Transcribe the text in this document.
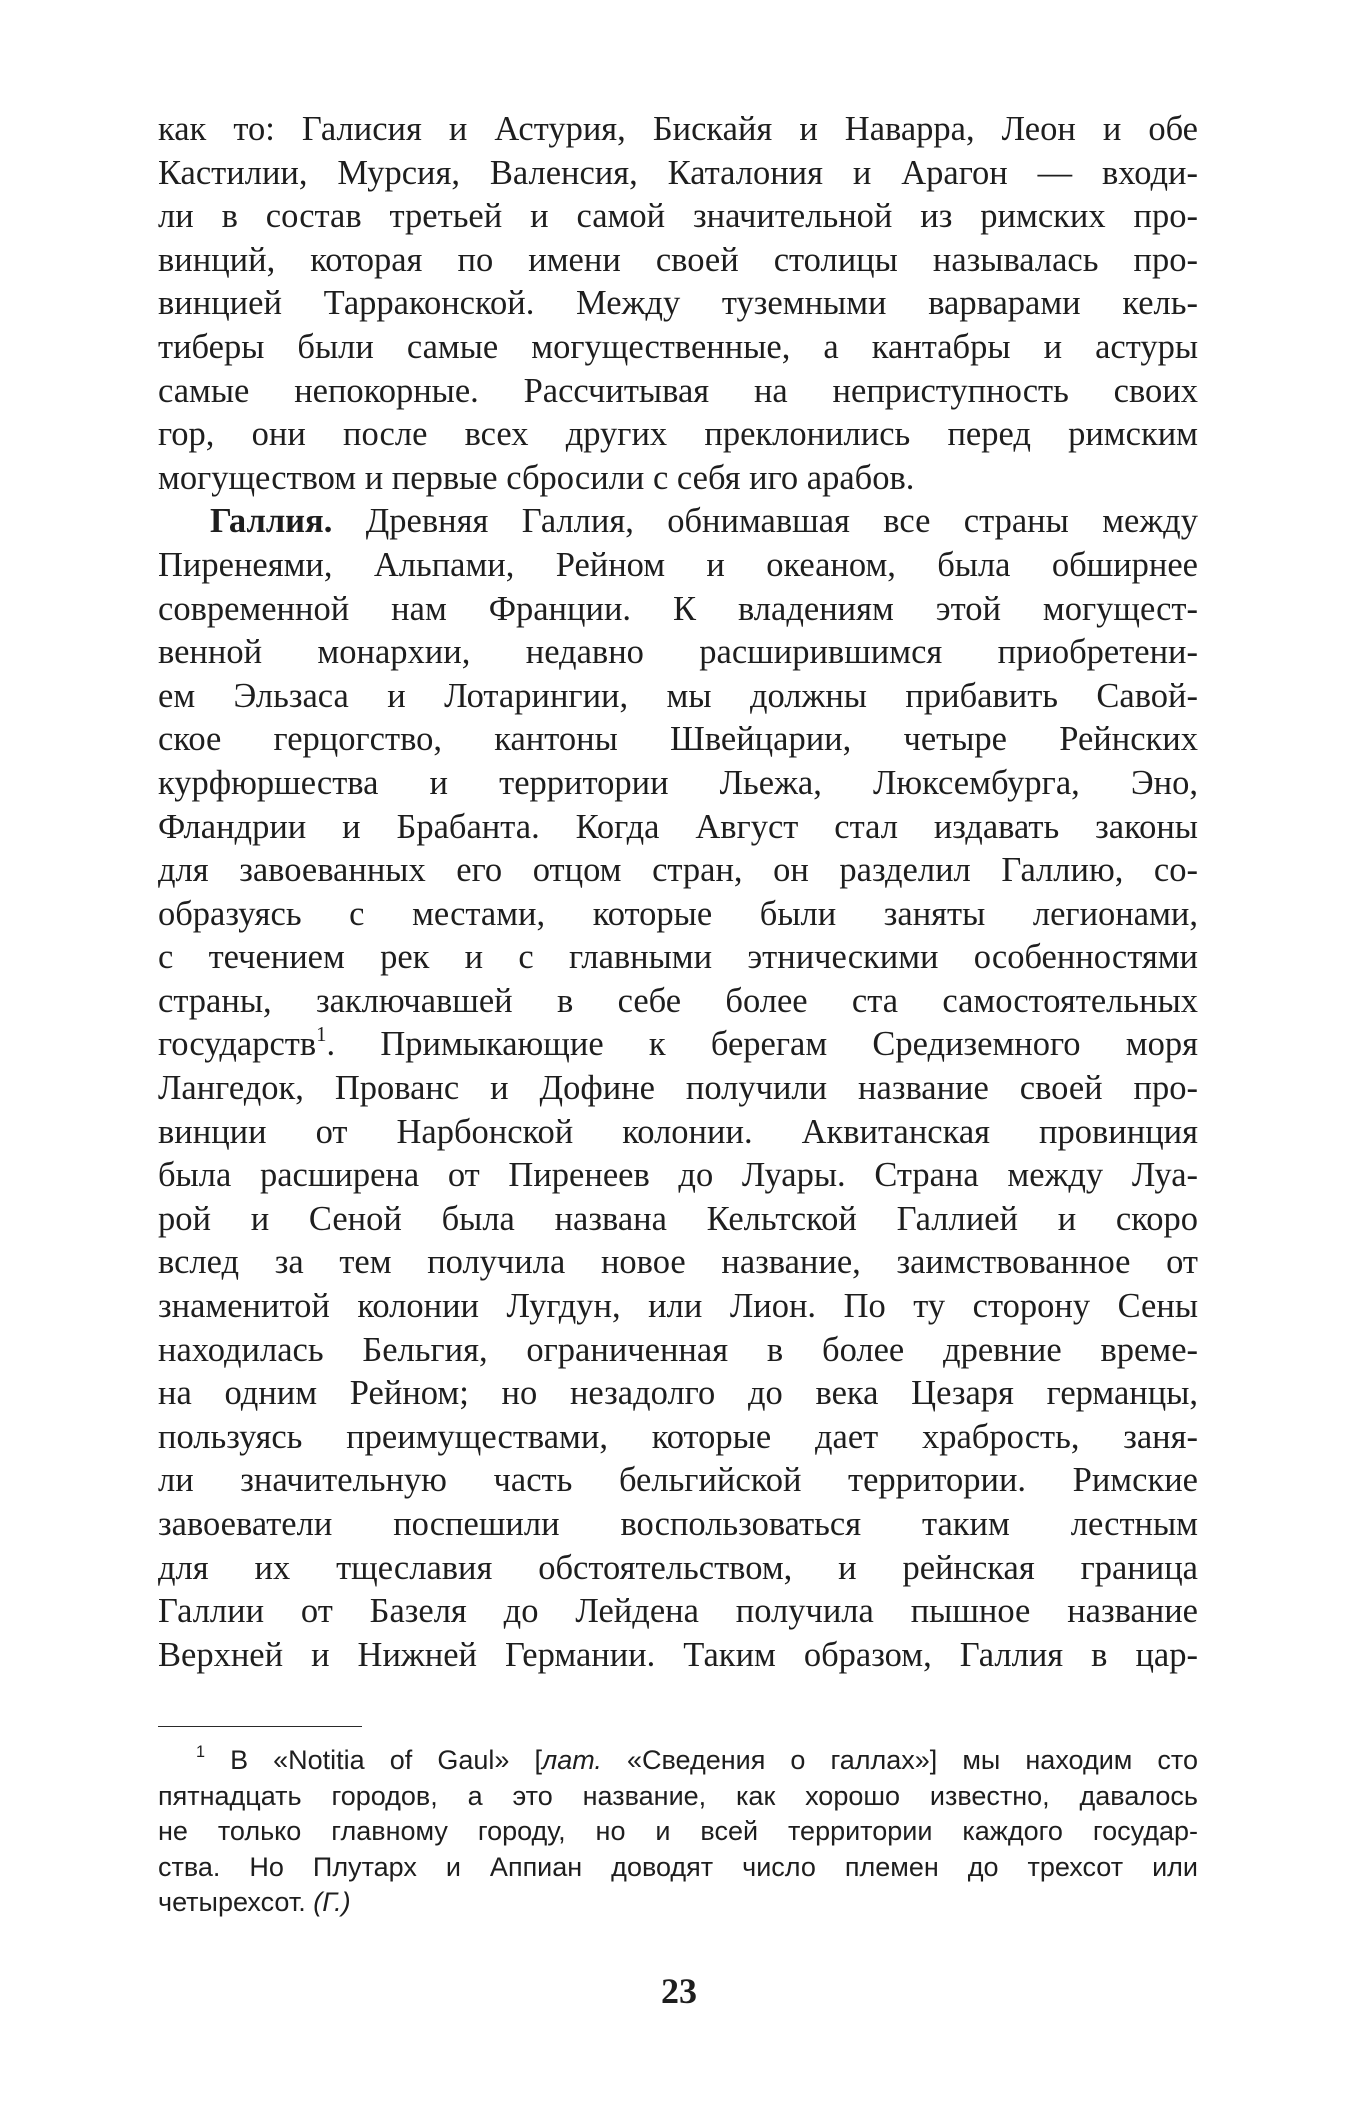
как то: Галисия и Астурия, Бискайя и Наварра, Леон и обе
Кастилии, Мурсия, Валенсия, Каталония и Арагон — входи-
ли в состав третьей и самой значительной из римских про-
винций, которая по имени своей столицы называлась про-
винцией Тарраконской. Между туземными варварами кель-
тиберы были самые могущественные, а кантабры и астуры
самые непокорные. Рассчитывая на неприступность своих
гор, они после всех других преклонились перед римским
могуществом и первые сбросили с себя иго арабов.
Галлия. Древняя Галлия, обнимавшая все страны между
Пиренеями, Альпами, Рейном и океаном, была обширнее
современной нам Франции. К владениям этой могущест-
венной монархии, недавно расширившимся приобретени-
ем Эльзаса и Лотарингии, мы должны прибавить Савой-
ское герцогство, кантоны Швейцарии, четыре Рейнских
курфюршества и территории Льежа, Люксембурга, Эно,
Фландрии и Брабанта. Когда Август стал издавать законы
для завоеванных его отцом стран, он разделил Галлию, со-
образуясь с местами, которые были заняты легионами,
с течением рек и с главными этническими особенностями
страны, заключавшей в себе более ста самостоятельных
государств$^1$. Примыкающие к берегам Средиземного моря
Лангедок, Прованс и Дофине получили название своей про-
винции от Нарбонской колонии. Аквитанская провинция
была расширена от Пиренеев до Луары. Страна между Луа-
рой и Сеной была названа Кельтской Галлией и скоро
вслед за тем получила новое название, заимствованное от
знаменитой колонии Лугдун, или Лион. По ту сторону Сены
находилась Бельгия, ограниченная в более древние време-
на одним Рейном; но незадолго до века Цезаря германцы,
пользуясь преимуществами, которые дает храбрость, заня-
ли значительную часть бельгийской территории. Римские
завоеватели поспешили воспользоваться таким лестным
для их тщеславия обстоятельством, и рейнская граница
Галлии от Базеля до Лейдена получила пышное название
Верхней и Нижней Германии. Таким образом, Галлия в цар-
$^1$ В «Notitia of Gaul» [лат. «Сведения о галлах»] мы находим сто
пятнадцать городов, а это название, как хорошо известно, давалось
не только главному городу, но и всей территории каждого государ-
ства. Но Плутарх и Аппиан доводят число племен до трехсот или
четырехсот. (Г.)
23
